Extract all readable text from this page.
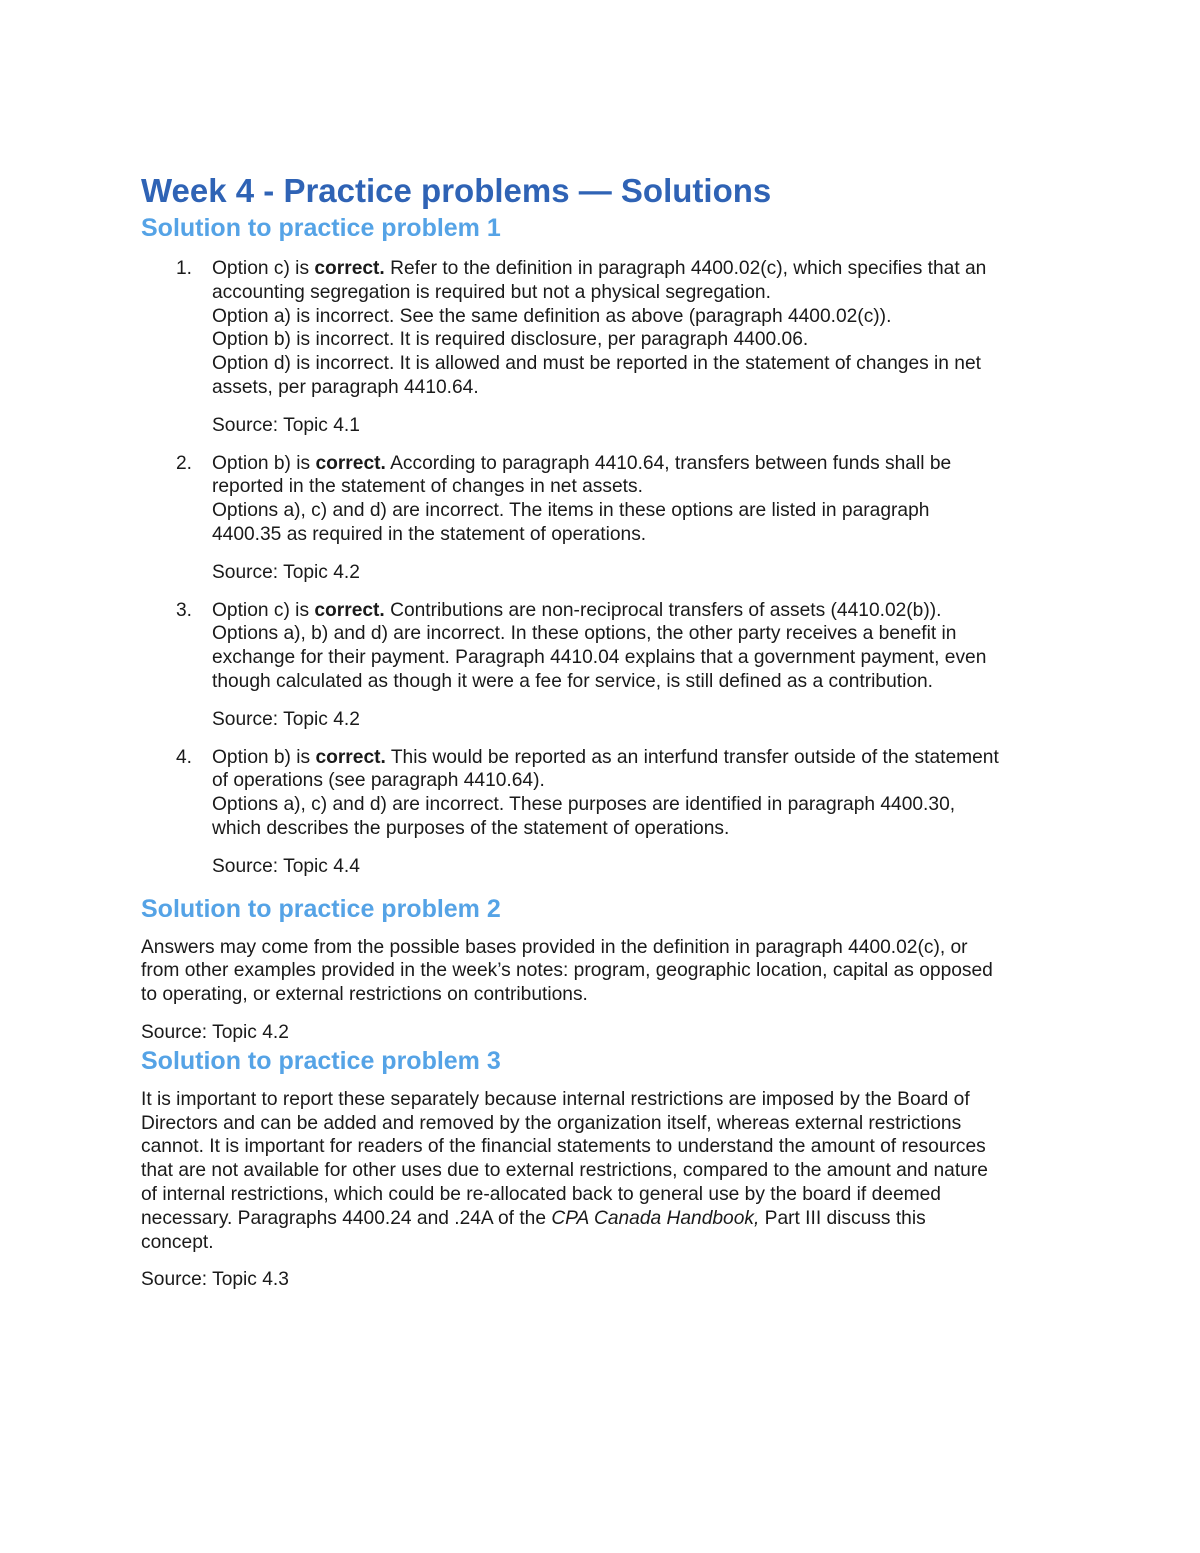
Week 4 - Practice problems — Solutions
Solution to practice problem 1
1. Option c) is correct. Refer to the definition in paragraph 4400.02(c), which specifies that an
accounting segregation is required but not a physical segregation.
Option a) is incorrect. See the same definition as above (paragraph 4400.02(c)).
Option b) is incorrect. It is required disclosure, per paragraph 4400.06.
Option d) is incorrect. It is allowed and must be reported in the statement of changes in net
assets, per paragraph 4410.64.

Source: Topic 4.1

2. Option b) is correct. According to paragraph 4410.64, transfers between funds shall be
reported in the statement of changes in net assets.
Options a), c) and d) are incorrect. The items in these options are listed in paragraph
4400.35 as required in the statement of operations.

Source: Topic 4.2

3. Option c) is correct. Contributions are non-reciprocal transfers of assets (4410.02(b)).
Options a), b) and d) are incorrect. In these options, the other party receives a benefit in
exchange for their payment. Paragraph 4410.04 explains that a government payment, even
though calculated as though it were a fee for service, is still defined as a contribution.

Source: Topic 4.2

4. Option b) is correct. This would be reported as an interfund transfer outside of the statement
of operations (see paragraph 4410.64).
Options a), c) and d) are incorrect. These purposes are identified in paragraph 4400.30,
which describes the purposes of the statement of operations.

Source: Topic 4.4

Solution to practice problem 2
Answers may come from the possible bases provided in the definition in paragraph 4400.02(c), or
from other examples provided in the week’s notes: program, geographic location, capital as opposed
to operating, or external restrictions on contributions.

Source: Topic 4.2

Solution to practice problem 3
It is important to report these separately because internal restrictions are imposed by the Board of
Directors and can be added and removed by the organization itself, whereas external restrictions
cannot. It is important for readers of the financial statements to understand the amount of resources
that are not available for other uses due to external restrictions, compared to the amount and nature
of internal restrictions, which could be re-allocated back to general use by the board if deemed
necessary. Paragraphs 4400.24 and .24A of the CPA Canada Handbook, Part III discuss this
concept.

Source: Topic 4.3
